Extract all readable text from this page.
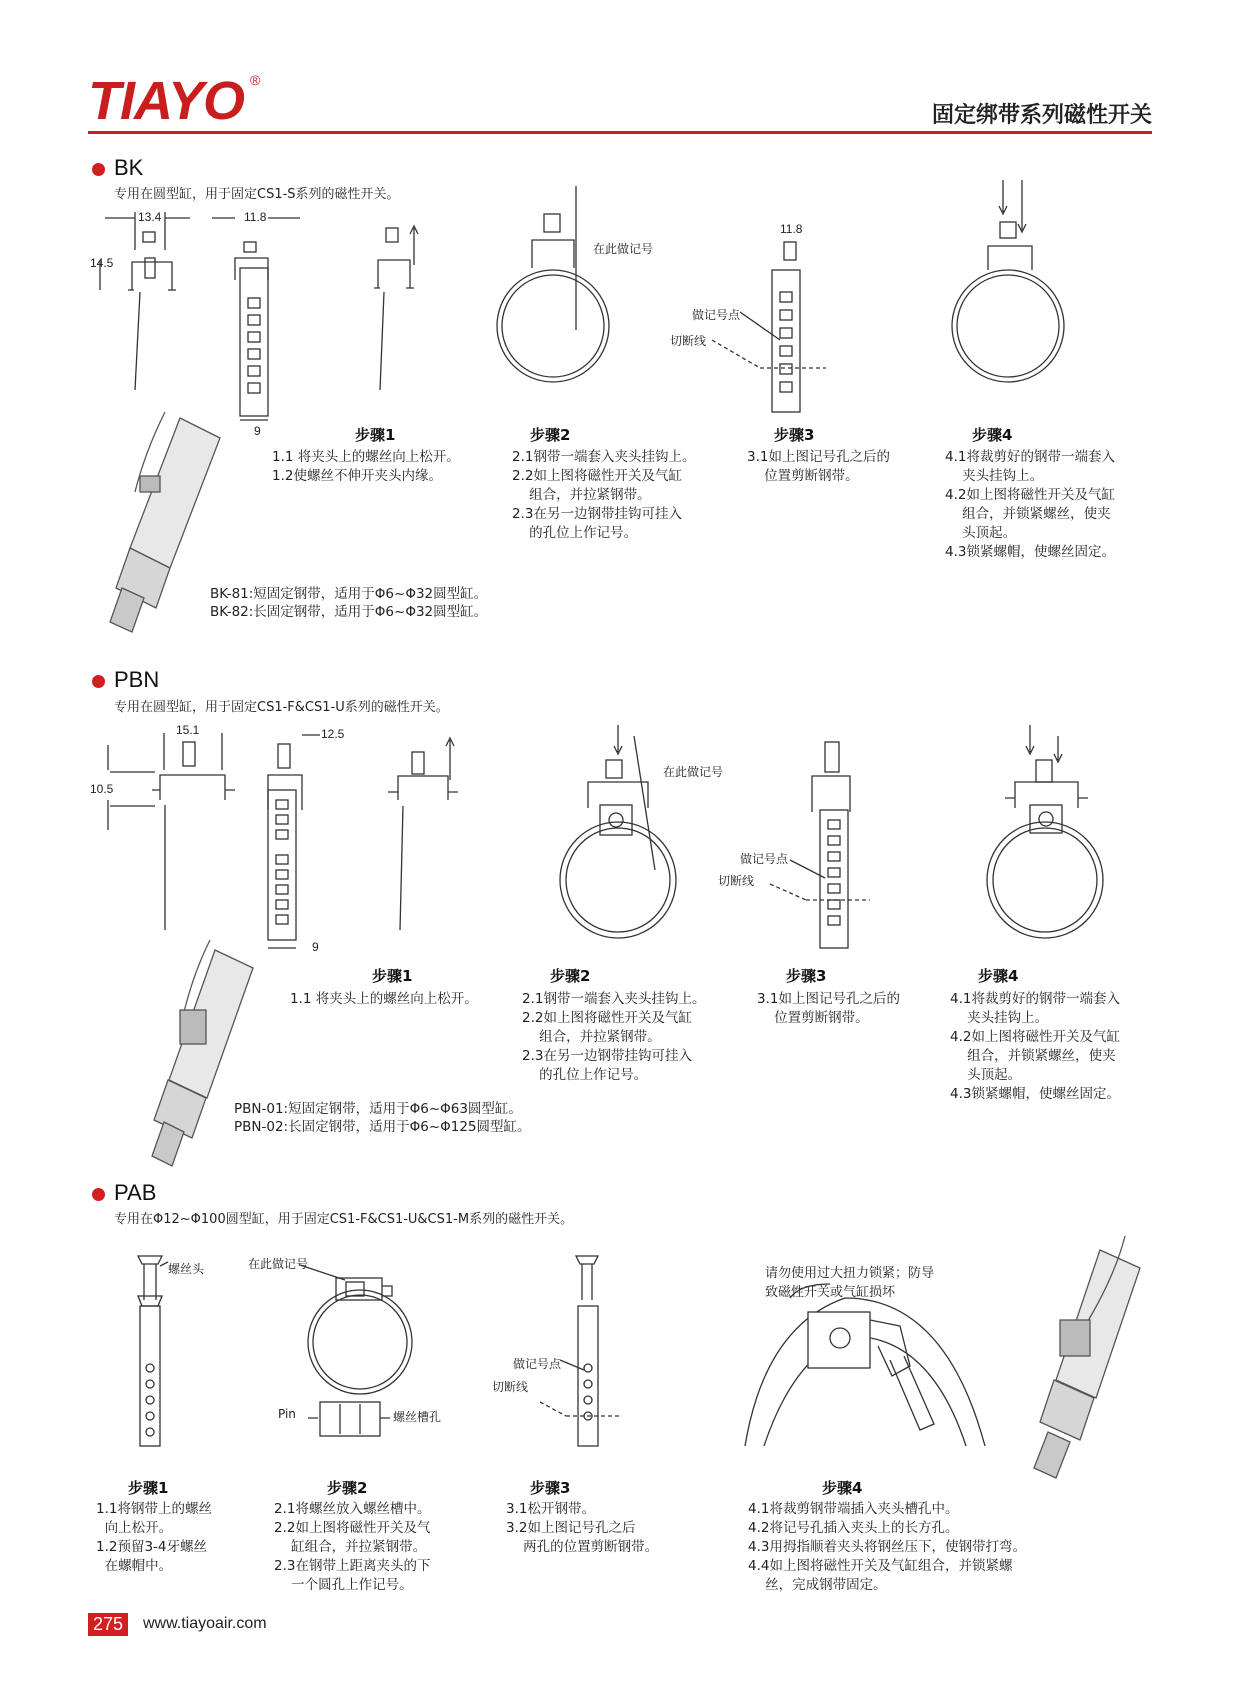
TIAYO ®
固定绑带系列磁性开关
BK
专用在圆型缸，用于固定CS1-S系列的磁性开关。
13.4	11.8
14.5
9
11.8
在此做记号
做记号点
切断线
步骤1
1.1 将夹头上的螺丝向上松开。
1.2使螺丝不伸开夹头内缘。
步骤2
2.1钢带一端套入夹头挂钩上。
2.2如上图将磁性开关及气缸
组合，并拉紧钢带。
2.3在另一边钢带挂钩可挂入
的孔位上作记号。
步骤3
3.1如上图记号孔之后的
位置剪断钢带。
步骤4
4.1将裁剪好的钢带一端套入
夹头挂钩上。
4.2如上图将磁性开关及气缸
组合，并锁紧螺丝，使夹
头顶起。
4.3锁紧螺帽，使螺丝固定。
BK-81:短固定钢带，适用于Φ6~Φ32圆型缸。
BK-82:长固定钢带，适用于Φ6~Φ32圆型缸。
PBN
专用在圆型缸，用于固定CS1-F&CS1-U系列的磁性开关。
15.1	12.5
10.5
9
在此做记号
做记号点
切断线
步骤1
1.1 将夹头上的螺丝向上松开。
步骤2
2.1钢带一端套入夹头挂钩上。
2.2如上图将磁性开关及气缸
组合，并拉紧钢带。
2.3在另一边钢带挂钩可挂入
的孔位上作记号。
步骤3
3.1如上图记号孔之后的
位置剪断钢带。
步骤4
4.1将裁剪好的钢带一端套入
夹头挂钩上。
4.2如上图将磁性开关及气缸
组合，并锁紧螺丝，使夹
头顶起。
4.3锁紧螺帽，使螺丝固定。
PBN-01:短固定钢带，适用于Φ6~Φ63圆型缸。
PBN-02:长固定钢带，适用于Φ6~Φ125圆型缸。
PAB
专用在Φ12~Φ100圆型缸，用于固定CS1-F&CS1-U&CS1-M系列的磁性开关。
螺丝头	在此做记号
Pin	螺丝槽孔
做记号点
切断线
请勿使用过大扭力锁紧；防导
致磁性开关或气缸损坏
步骤1
1.1将钢带上的螺丝
向上松开。
1.2预留3-4牙螺丝
在螺帽中。
步骤2
2.1将螺丝放入螺丝槽中。
2.2如上图将磁性开关及气
缸组合，并拉紧钢带。
2.3在钢带上距离夹头的下
一个圆孔上作记号。
步骤3
3.1松开钢带。
3.2如上图记号孔之后
两孔的位置剪断钢带。
步骤4
4.1将裁剪钢带端插入夹头槽孔中。
4.2将记号孔插入夹头上的长方孔。
4.3用拇指顺着夹头将钢丝压下，使钢带打弯。
4.4如上图将磁性开关及气缸组合，并锁紧螺
丝，完成钢带固定。
275	www.tiayoair.com
